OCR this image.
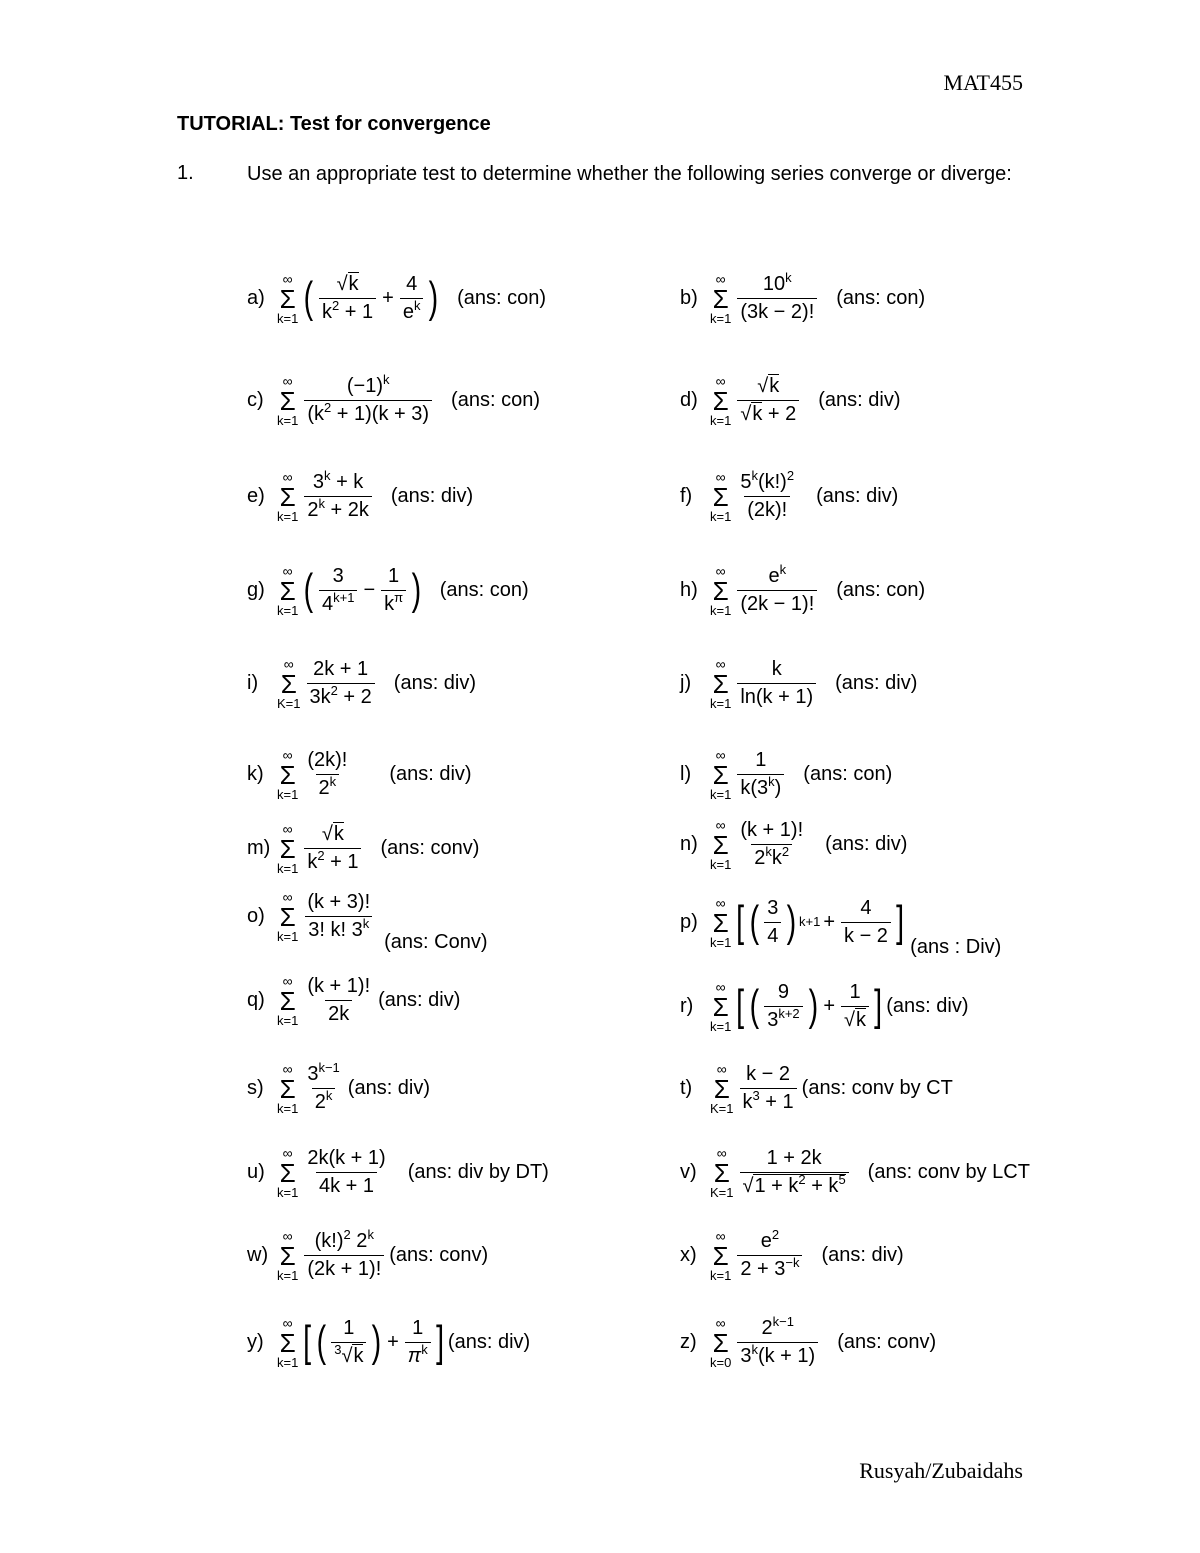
MAT455
TUTORIAL: Test for convergence
1.	Use an appropriate test to determine whether the following series converge or diverge:
a)
∞
Σ
k=1 ( $\frac{√k}{k^2 + 1} + \frac{4}{e^k}$ ) (ans: con)	b)
∞
Σ
$k=1 \frac{10^k}{(3k - 2)!} (ans$: con)
c)
∞
Σ
$k=1 \frac{(-1)^k}{(k^2 + 1)(k + 3)} (ans$: con)	d)
∞
Σ
$k=1 \frac{√k}{√k + 2} (ans$: div)
e)
∞
Σ
$k=1 \frac{3^k + k}{2^k + 2k} (ans$: div)	f)
∞
Σ
$k=1 \frac{5^k(k!)^2}{(2k)!} (ans$: div)
g)
∞
Σ
k=1 ( $\frac{3}{4^{k+1}} - \frac{1}{k^\pi}$ ) (ans: con)	h)
∞
Σ
$k=1 \frac{e^k}{(2k - 1)!} (ans$: con)
i)
∞
Σ
$K=1 \frac{2k + 1}{3k^2 + 2} (ans$: div)	j)
∞
Σ
$k=1 \frac{k}{\ln(k + 1)} (ans$: div)
k)
∞
Σ
$k=1 \frac{(2k)!}{2^k} (ans$: div)	l)
∞
Σ
$k=1 \frac{1}{k(3^k)} (ans$: con)
m)
∞
Σ
$k=1 \frac{√k}{k^2 + 1} (ans$: conv)	n)
∞
Σ
$k=1 \frac{(k + 1)!}{2^kk^2} (ans$: div)
o)
∞
Σ
$k=1 \frac{(k + 3)!}{3! k! 3^k} (ans$: Conv)
p)
∞
Σ
k=1 [ ( $\frac{3}{4}$ ) $k+1 + \frac{4}{k - 2}$ ]
(ans : Div)
q)
∞
Σ
$k=1 \frac{(k + 1)!}{2k} (ans$: div)	r)
∞
Σ
k=1 [ ( $\frac{9}{3^{k+2}}$ ) + $\frac{1}{√k}$ ] (ans: div)
s)
∞
Σ
$k=1 \frac{3^{k-1}}{2^k} (ans$: div)	t)
∞
Σ
$K=1 \frac{k - 2}{k^3 + 1} (ans$: conv by CT
u)
∞
Σ
$k=1 \frac{2k(k + 1)}{4k + 1} (ans$: div by DT)	v)
∞
Σ
$K=1 \frac{1 + 2k}{√1 + k^2 + k^5} (ans$: conv by LCT
w)
∞
Σ
$k=1 \frac{(k!)^2 2^k}{(2k + 1)!} (ans$: conv)	x)
∞
Σ
$k=1 \frac{e^2}{2 + 3^{-k}} (ans$: div)
y)
∞
Σ
k=1 [ ( $\frac{1}{^3√k}$ ) + $\frac{1}{\pi^k}$ ] (ans: div)	z)
∞
Σ
$k=0 \frac{2^{k-1}}{3^k(k + 1)} (ans$: conv)
Rusyah/Zubaidahs
